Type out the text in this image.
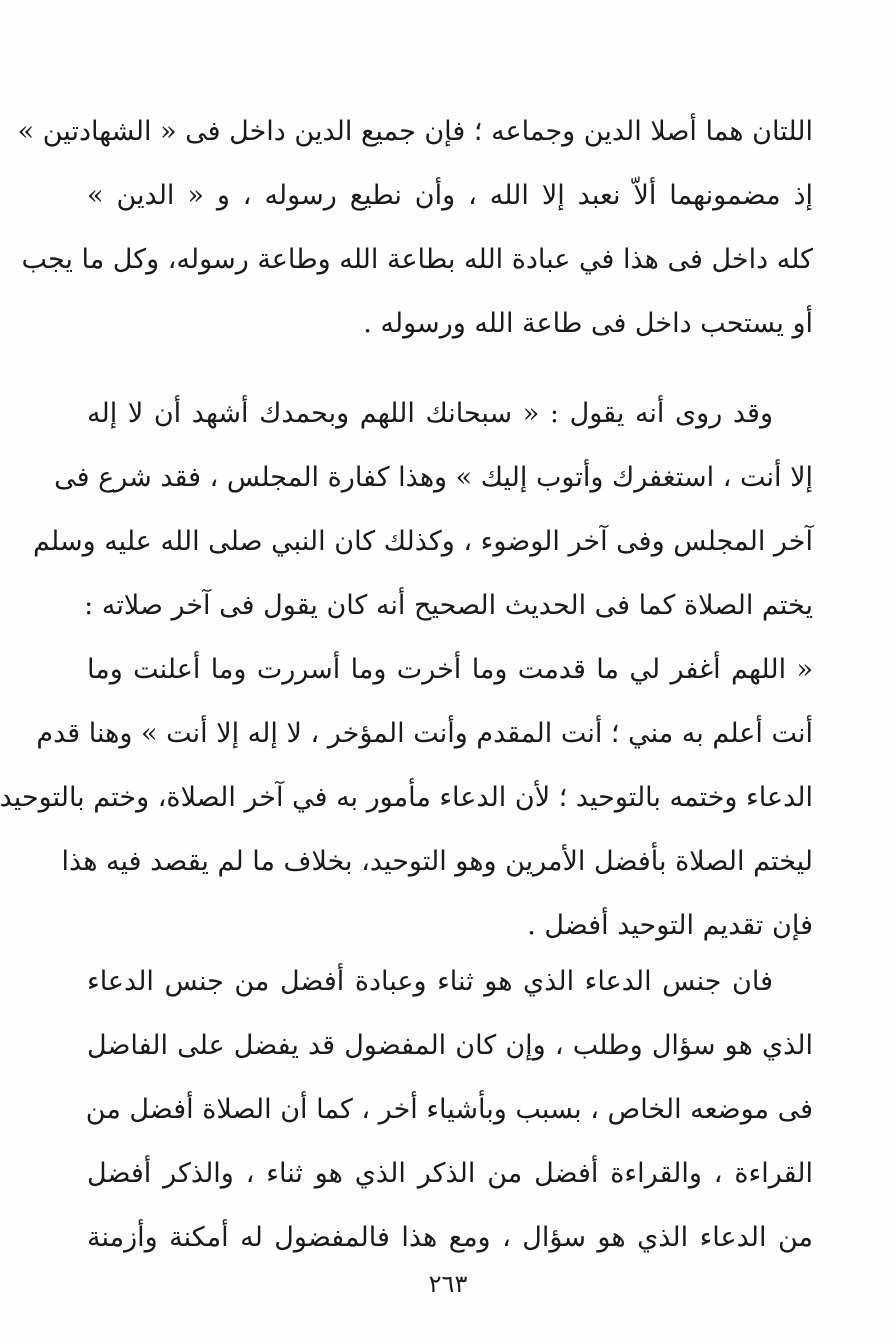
اللتان هما أصلا الدين وجماعه ؛ فإن جميع الدين داخل فى « الشهادتين »
إذ مضمونهما ألاّ نعبد إلا الله ، وأن نطيع رسوله ، و « الدين »
كله داخل فى هذا في عبادة الله بطاعة الله وطاعة رسوله، وكل ما يجب
أو يستحب داخل فى طاعة الله ورسوله .
وقد روى أنه يقول : « سبحانك اللهم وبحمدك أشهد أن لا إله
إلا أنت ، استغفرك وأتوب إليك » وهذا كفارة المجلس ، فقد شرع فى
آخر المجلس وفى آخر الوضوء ، وكذلك كان النبي صلى الله عليه وسلم
يختم الصلاة كما فى الحديث الصحيح أنه كان يقول فى آخر صلاته :
« اللهم أغفر لي ما قدمت وما أخرت وما أسررت وما أعلنت وما
أنت أعلم به مني ؛ أنت المقدم وأنت المؤخر ، لا إله إلا أنت » وهنا قدم
الدعاء وختمه بالتوحيد ؛ لأن الدعاء مأمور به في آخر الصلاة، وختم بالتوحيد
ليختم الصلاة بأفضل الأمرين وهو التوحيد، بخلاف ما لم يقصد فيه هذا
فإن تقديم التوحيد أفضل .
فان جنس الدعاء الذي هو ثناء وعبادة أفضل من جنس الدعاء
الذي هو سؤال وطلب ، وإن كان المفضول قد يفضل على الفاضل
فى موضعه الخاص ، بسبب وبأشياء أخر ، كما أن الصلاة أفضل من
القراءة ، والقراءة أفضل من الذكر الذي هو ثناء ، والذكر أفضل
من الدعاء الذي هو سؤال ، ومع هذا فالمفضول له أمكنة وأزمنة
٢٦٣
